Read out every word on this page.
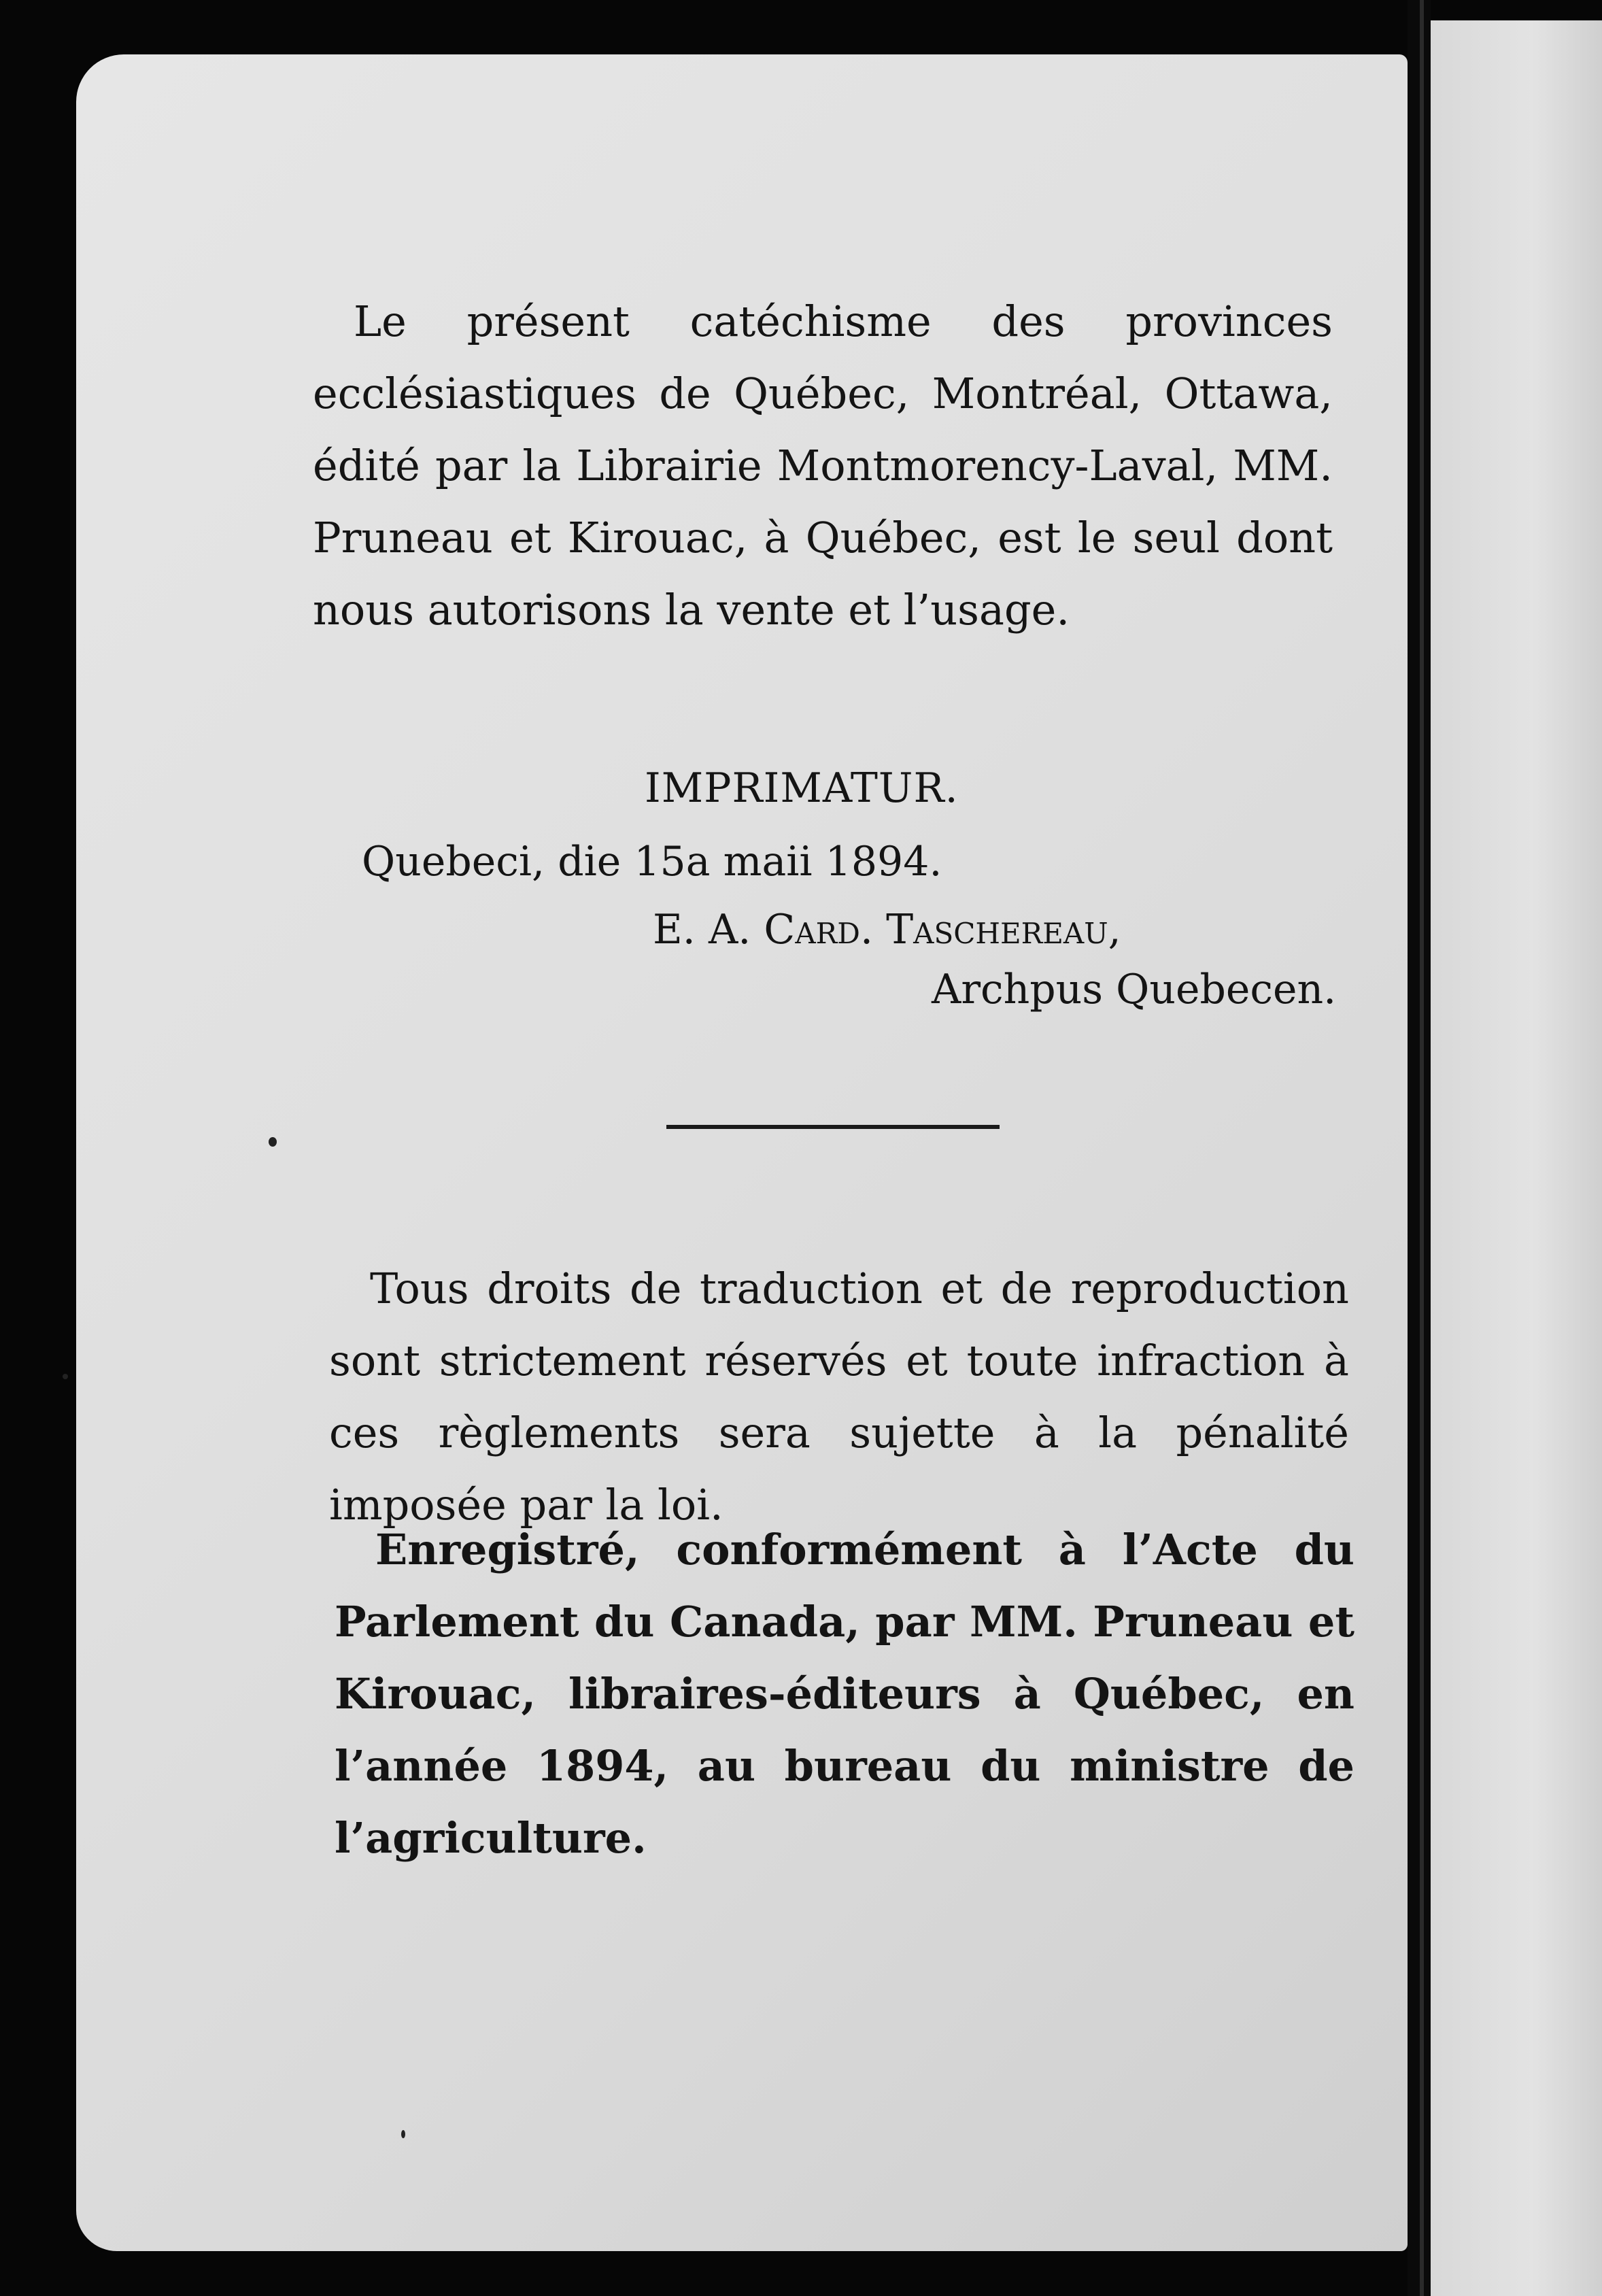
Le présent catéchisme des provinces ecclésiastiques de Québec, Montréal, Ottawa, édité par la Librairie Montmorency-Laval, MM. Pruneau et Kirouac, à Québec, est le seul dont nous autorisons la vente et l’usage.
IMPRIMATUR.
Quebeci, die 15a maii 1894.
E. A. Card. Taschereau,
Archpus Quebecen.
Tous droits de traduction et de reproduction sont strictement réservés et toute infraction à ces règlements sera sujette à la pénalité imposée par la loi.
Enregistré, conformément à l’Acte du Parlement du Canada, par MM. Pruneau et Kirouac, libraires-éditeurs à Québec, en l’année 1894, au bureau du ministre de l’agriculture.
